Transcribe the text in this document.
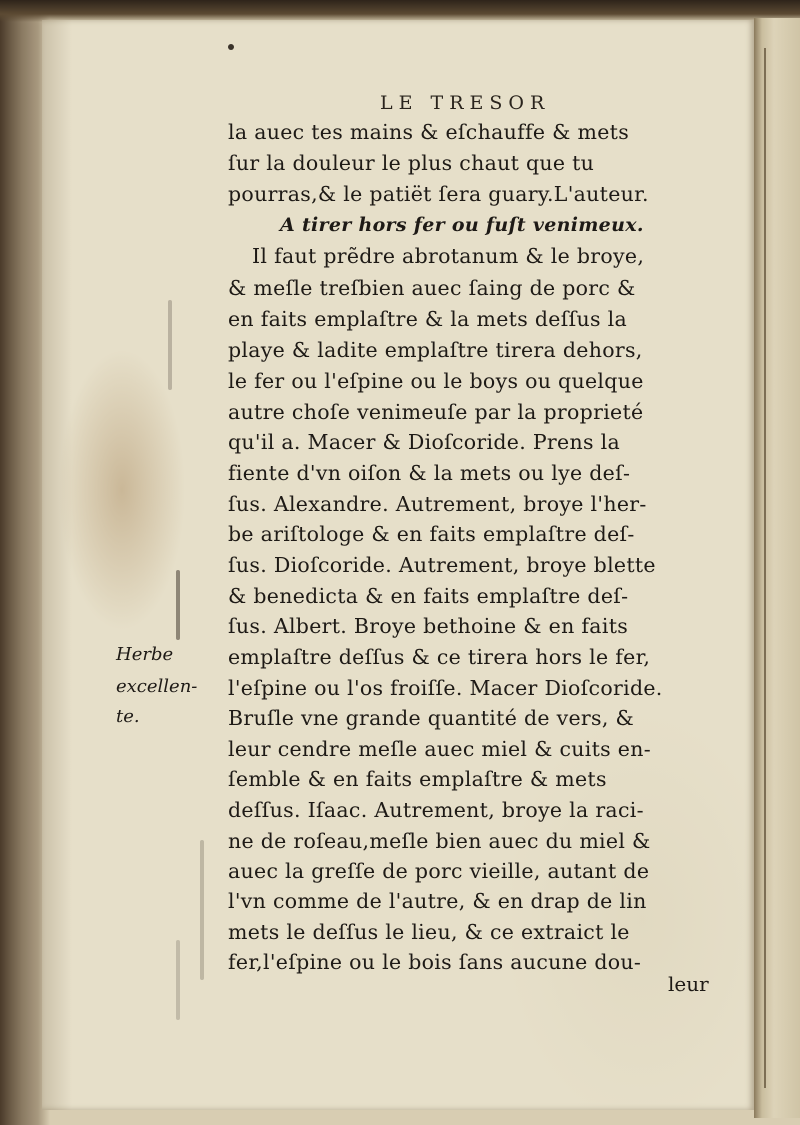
LE TRESOR
la auec tes mains & eſchauffe & mets
ſur la douleur le plus chaut que tu
pourras,& le patiët ſera guary.L'auteur.
A tirer hors fer ou fuſt venimeux.
Il faut prẽdre abrotanum & le broye,
& meſle treſbien auec ſaing de porc &
en faits emplaſtre & la mets deſſus la
playe & ladite emplaſtre tirera dehors,
le fer ou l'eſpine ou le boys ou quelque
autre choſe venimeuſe par la proprieté
qu'il a. Macer & Dioſcoride. Prens la
fiente d'vn oiſon & la mets ou lye deſ-
ſus. Alexandre. Autrement, broye l'her-
be ariſtologe & en faits emplaſtre deſ-
ſus. Dioſcoride. Autrement, broye blette
& benedicta & en faits emplaſtre deſ-
ſus. Albert. Broye bethoine & en faits
emplaſtre deſſus & ce tirera hors le fer,
l'eſpine ou l'os froiſſe. Macer Dioſcoride.
Bruſle vne grande quantité de vers, &
leur cendre meſle auec miel & cuits en-
ſemble & en faits emplaſtre & mets
deſſus. Iſaac. Autrement, broye la raci-
ne de roſeau,meſle bien auec du miel &
auec la greſſe de porc vieille, autant de
l'vn comme de l'autre, & en drap de lin
mets le deſſus le lieu, & ce extraict le
fer,l'eſpine ou le bois ſans aucune dou-
leur
Herbe
excellen-
te.
